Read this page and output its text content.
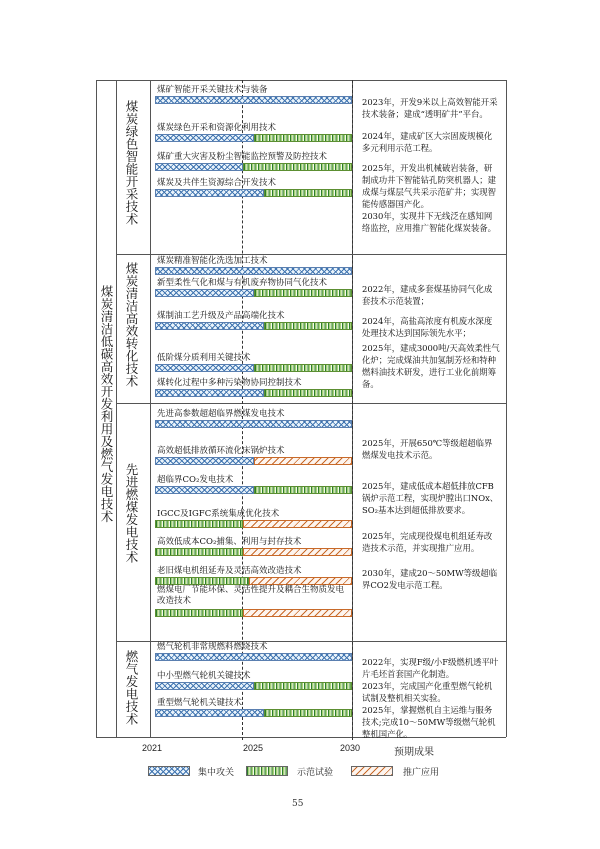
2021	2025	2030	预期成果
集中攻关	示范试验	推广应用
55
煤炭清洁低碳高效开发利用及燃气发电技术
煤炭绿色智能开采技术
煤矿智能开采关键技术与装备
煤炭绿色开采和资源化利用技术
煤矿重大灾害及粉尘智能监控预警及防控技术
煤炭及共伴生资源综合开发技术
2023年，开发9米以上高效智能开采技术装备；建成“透明矿井”平台。
2024年，建成矿区大宗固废规模化多元利用示范工程。
2025年，开发出机械破岩装备，研制成功井下智能钻孔防突机器人；建成煤与煤层气共采示范矿井；实现智能传感器国产化。
2030年，实现井下无线泛在感知网络监控，应用推广智能化煤炭装备。
煤炭清洁高效转化技术
煤炭精准智能化洗选加工技术
新型柔性气化和煤与有机废弃物协同气化技术
煤制油工艺升级及产品高端化技术
低阶煤分质利用关键技术
煤转化过程中多种污染物协同控制技术
2022年，建成多套煤基协同气化成套技术示范装置；
2024年，高盐高浓度有机废水深度处理技术达到国际领先水平；
2025年，建成3000吨/天高效柔性气化炉；完成煤油共加氢制芳烃和特种燃料油技术研发，进行工业化前期筹备。
先进燃煤发电技术
先进高参数超超临界燃煤发电技术
高效超低排放循环流化床锅炉技术
超临界CO₂发电技术
IGCC及IGFC系统集成优化技术
高效低成本CO₂捕集、利用与封存技术
老旧煤电机组延寿及灵活高效改造技术
燃煤电厂节能环保、灵活性提升及耦合生物质发电改造技术
2025年，开展650℃等级超超临界燃煤发电技术示范。
2025年，建成低成本超低排放CFB锅炉示范工程，实现炉膛出口NOx、SO₂基本达到超低排放要求。
2025年，完成现役煤电机组延寿改造技术示范，并实现推广应用。
2030年，建成20～50MW等级超临界CO2发电示范工程。
燃气发电技术
燃气轮机非常规燃料燃烧技术
中小型燃气轮机关键技术
重型燃气轮机关键技术
2022年，实现F级/小F级燃机透平叶片毛坯首套国产化制造。
2023年，完成国产化重型燃气轮机试制及整机相关实验。
2025年，掌握燃机自主运维与服务技术;完成10～50MW等级燃气轮机整机国产化。
